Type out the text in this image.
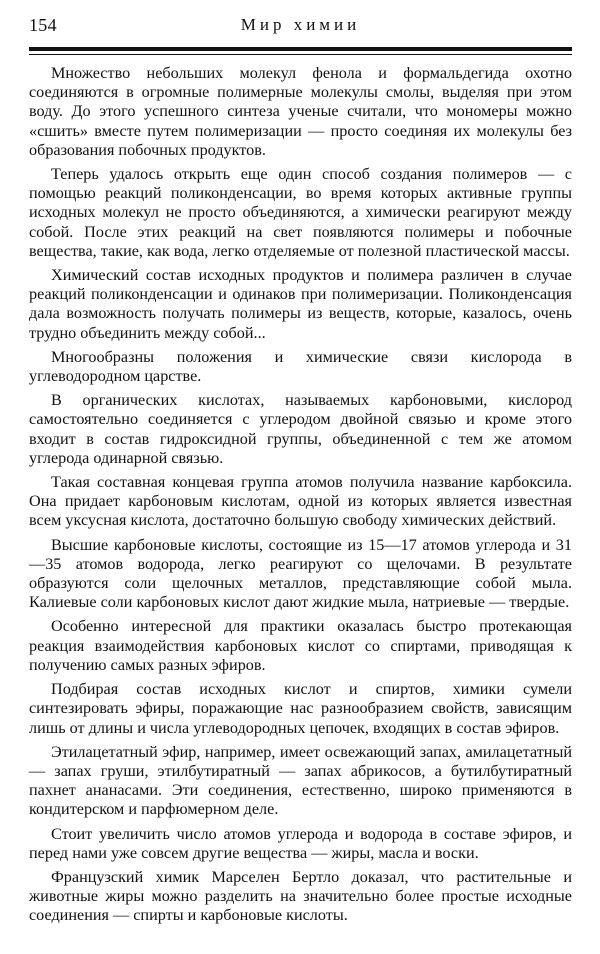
154	Мир химии

Множество небольших молекул фенола и формальдегида охотно соединяются в огромные полимерные молекулы смолы, выделяя при этом воду. До этого успешного синтеза ученые считали, что мономеры можно «сшить» вместе путем полимеризации — просто соединяя их молекулы без образования побочных продуктов.

Теперь удалось открыть еще один способ создания полимеров — с помощью реакций поликонденсации, во время которых активные группы исходных молекул не просто объединяются, а химически реагируют между собой. После этих реакций на свет появляются полимеры и побочные вещества, такие, как вода, легко отделяемые от полезной пластической массы.

Химический состав исходных продуктов и полимера различен в случае реакций поликонденсации и одинаков при полимеризации. Поликонденсация дала возможность получать полимеры из веществ, которые, казалось, очень трудно объединить между собой...

Многообразны положения и химические связи кислорода в углеводородном царстве.

В органических кислотах, называемых карбоновыми, кислород самостоятельно соединяется с углеродом двойной связью и кроме этого входит в состав гидроксидной группы, объединенной с тем же атомом углерода одинарной связью.

Такая составная концевая группа атомов получила название карбоксила. Она придает карбоновым кислотам, одной из которых является известная всем уксусная кислота, достаточно большую свободу химических действий.

Высшие карбоновые кислоты, состоящие из 15—17 атомов углерода и 31—35 атомов водорода, легко реагируют со щелочами. В результате образуются соли щелочных металлов, представляющие собой мыла. Калиевые соли карбоновых кислот дают жидкие мыла, натриевые — твердые.

Особенно интересной для практики оказалась быстро протекающая реакция взаимодействия карбоновых кислот со спиртами, приводящая к получению самых разных эфиров.

Подбирая состав исходных кислот и спиртов, химики сумели синтезировать эфиры, поражающие нас разнообразием свойств, зависящим лишь от длины и числа углеводородных цепочек, входящих в состав эфиров.

Этилацетатный эфир, например, имеет освежающий запах, амилацетатный — запах груши, этилбутиратный — запах абрикосов, а бутилбутиратный пахнет ананасами. Эти соединения, естественно, широко применяются в кондитерском и парфюмерном деле.

Стоит увеличить число атомов углерода и водорода в составе эфиров, и перед нами уже совсем другие вещества — жиры, масла и воски.

Французский химик Марселен Бертло доказал, что растительные и животные жиры можно разделить на значительно более простые исходные соединения — спирты и карбоновые кислоты.
